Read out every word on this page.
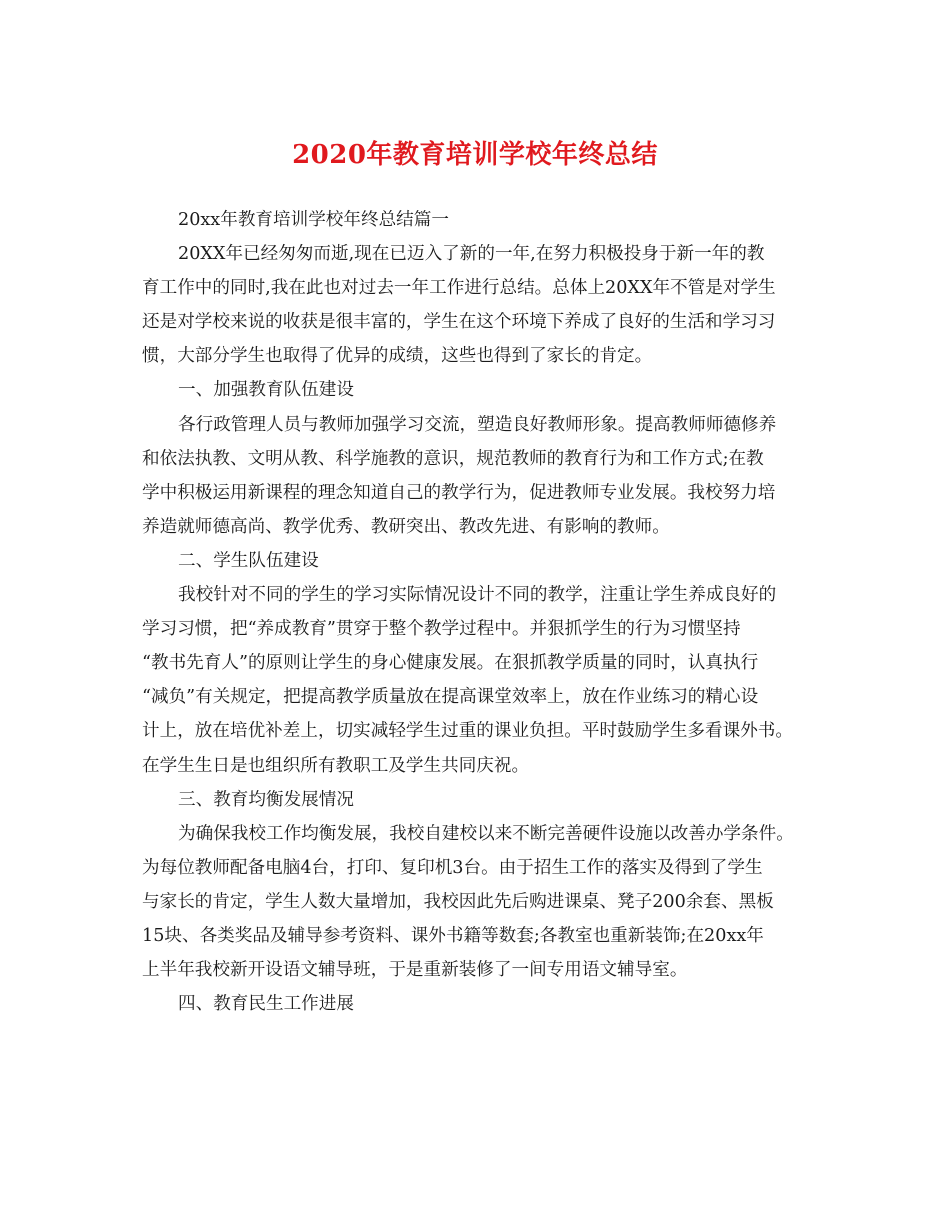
2020年教育培训学校年终总结
20xx年教育培训学校年终总结篇一
20XX年已经匆匆而逝,现在已迈入了新的一年,在努力积极投身于新一年的教
育工作中的同时,我在此也对过去一年工作进行总结。总体上20XX年不管是对学生
还是对学校来说的收获是很丰富的，学生在这个环境下养成了良好的生活和学习习
惯，大部分学生也取得了优异的成绩，这些也得到了家长的肯定。
一、加强教育队伍建设
各行政管理人员与教师加强学习交流，塑造良好教师形象。提高教师师德修养
和依法执教、文明从教、科学施教的意识，规范教师的教育行为和工作方式;在教
学中积极运用新课程的理念知道自己的教学行为，促进教师专业发展。我校努力培
养造就师德高尚、教学优秀、教研突出、教改先进、有影响的教师。
二、学生队伍建设
我校针对不同的学生的学习实际情况设计不同的教学，注重让学生养成良好的
学习习惯，把“养成教育”贯穿于整个教学过程中。并狠抓学生的行为习惯坚持
“教书先育人”的原则让学生的身心健康发展。在狠抓教学质量的同时，认真执行
“减负”有关规定，把提高教学质量放在提高课堂效率上，放在作业练习的精心设
计上，放在培优补差上，切实减轻学生过重的课业负担。平时鼓励学生多看课外书。
在学生生日是也组织所有教职工及学生共同庆祝。
三、教育均衡发展情况
为确保我校工作均衡发展，我校自建校以来不断完善硬件设施以改善办学条件。
为每位教师配备电脑4台，打印、复印机3台。由于招生工作的落实及得到了学生
与家长的肯定，学生人数大量增加，我校因此先后购进课桌、凳子200余套、黑板
15块、各类奖品及辅导参考资料、课外书籍等数套;各教室也重新装饰;在20xx年
上半年我校新开设语文辅导班，于是重新装修了一间专用语文辅导室。
四、教育民生工作进展
